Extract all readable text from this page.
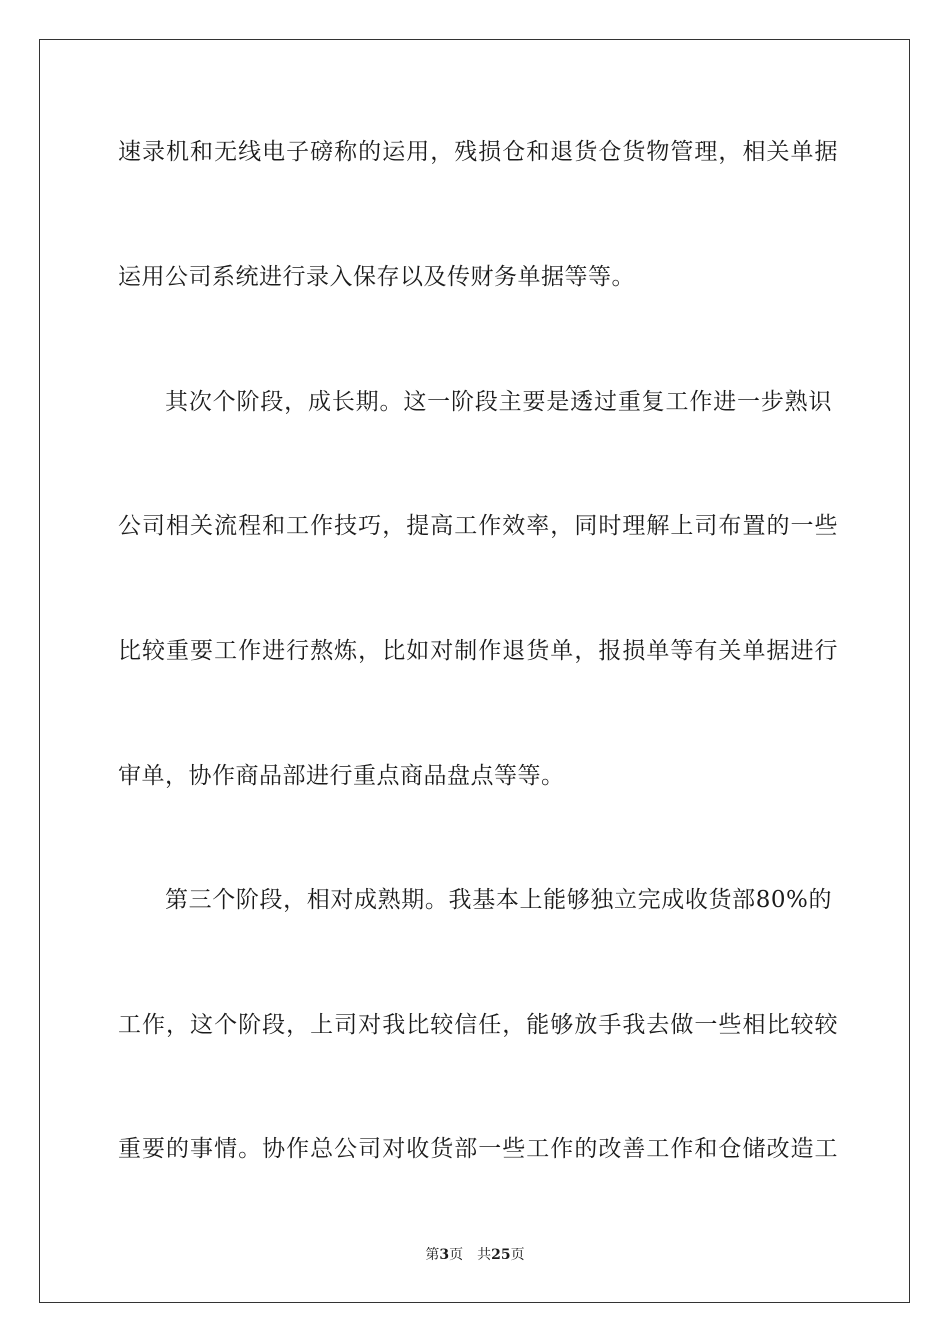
速录机和无线电子磅称的运用，残损仓和退货仓货物管理，相关单据
运用公司系统进行录入保存以及传财务单据等等。
其次个阶段，成长期。这一阶段主要是透过重复工作进一步熟识
公司相关流程和工作技巧，提高工作效率，同时理解上司布置的一些
比较重要工作进行熬炼，比如对制作退货单，报损单等有关单据进行
审单，协作商品部进行重点商品盘点等等。
第三个阶段，相对成熟期。我基本上能够独立完成收货部80%的
工作，这个阶段，上司对我比较信任，能够放手我去做一些相比较较
重要的事情。协作总公司对收货部一些工作的改善工作和仓储改造工
第3页 共25页
